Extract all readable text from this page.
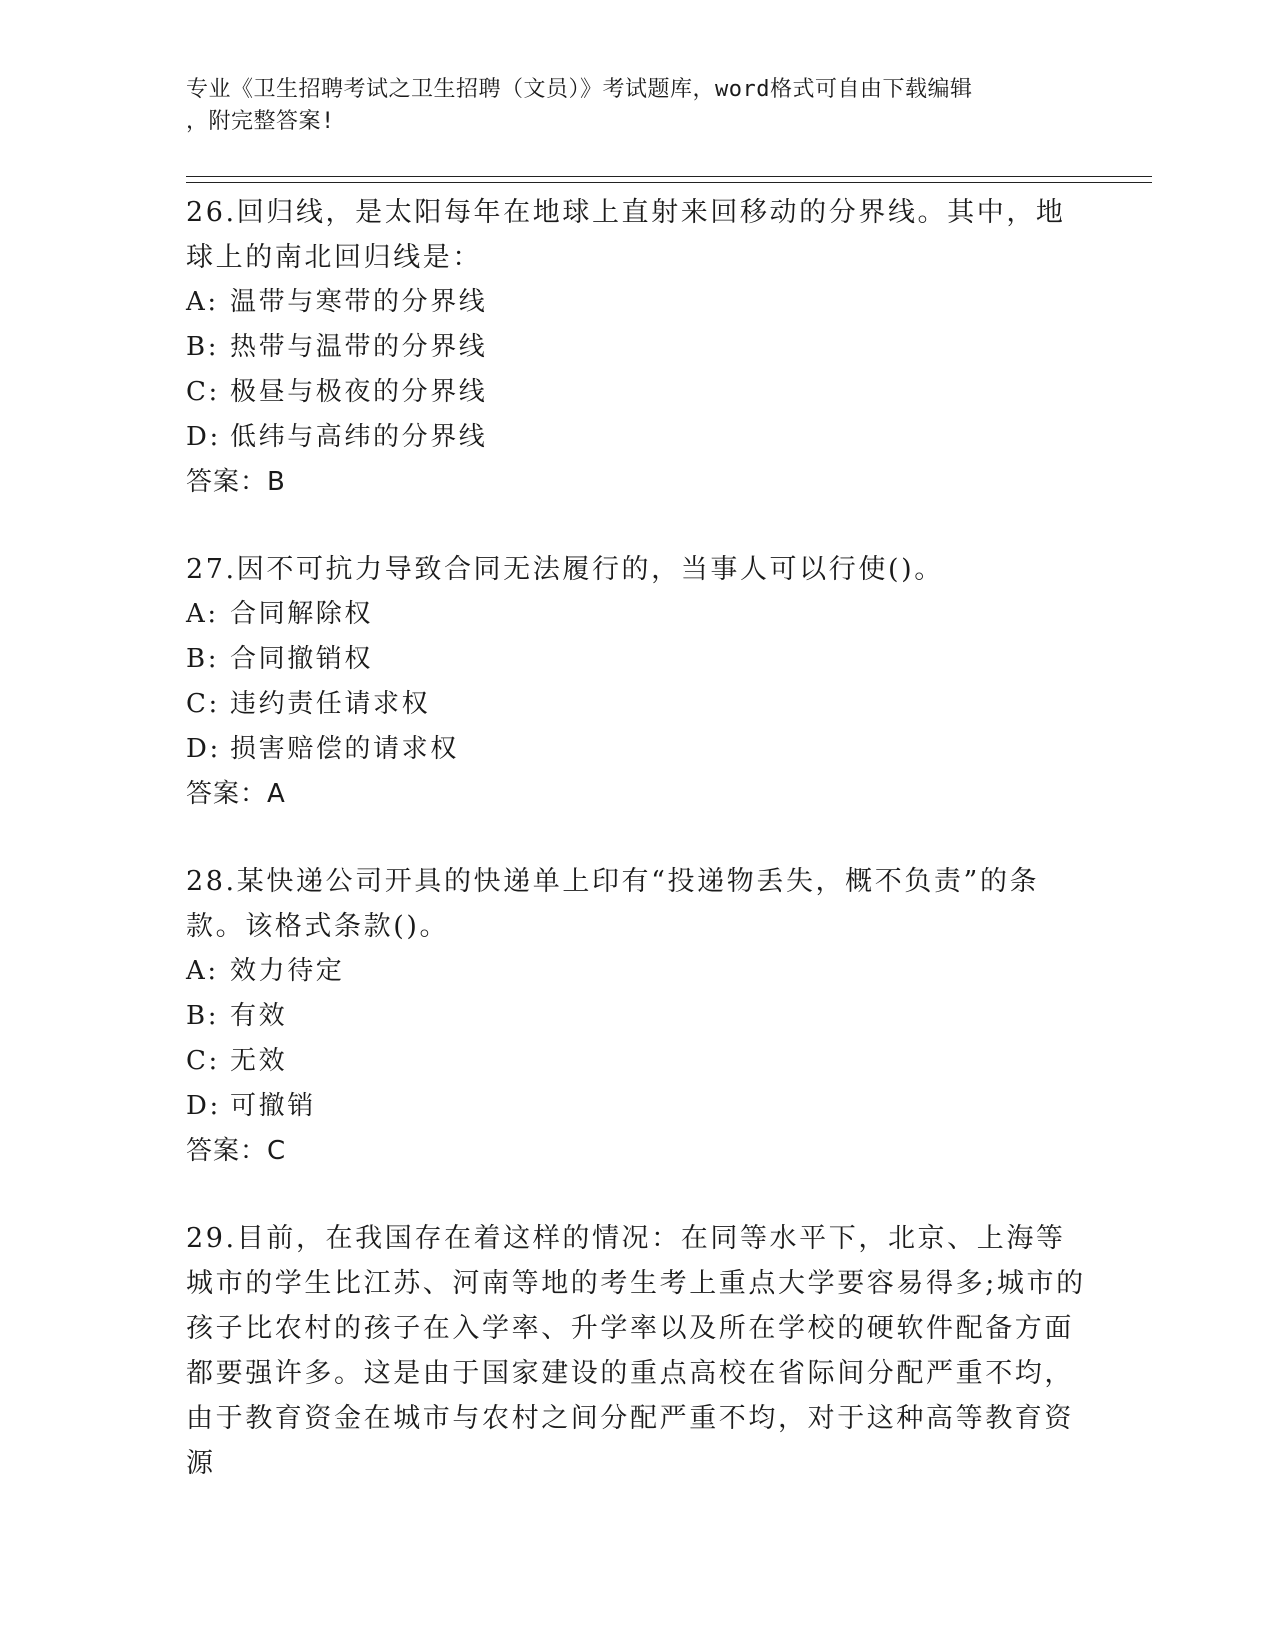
专业《卫生招聘考试之卫生招聘（文员）》考试题库，word格式可自由下载编辑
，附完整答案!

26.回归线，是太阳每年在地球上直射来回移动的分界线。其中，地球上的南北回归线是：

A: 温带与寒带的分界线

B: 热带与温带的分界线

C: 极昼与极夜的分界线

D: 低纬与高纬的分界线

答案：B

27.因不可抗力导致合同无法履行的，当事人可以行使()。

A: 合同解除权

B: 合同撤销权

C: 违约责任请求权

D: 损害赔偿的请求权

答案：A

28.某快递公司开具的快递单上印有“投递物丢失，概不负责”的条款。该格式条款()。

A: 效力待定

B: 有效

C: 无效

D: 可撤销

答案：C

29.目前，在我国存在着这样的情况：在同等水平下，北京、上海等城市的学生比江苏、河南等地的考生考上重点大学要容易得多;城市的孩子比农村的孩子在入学率、升学率以及所在学校的硬软件配备方面都要强许多。这是由于国家建设的重点高校在省际间分配严重不均，由于教育资金在城市与农村之间分配严重不均，对于这种高等教育资源
